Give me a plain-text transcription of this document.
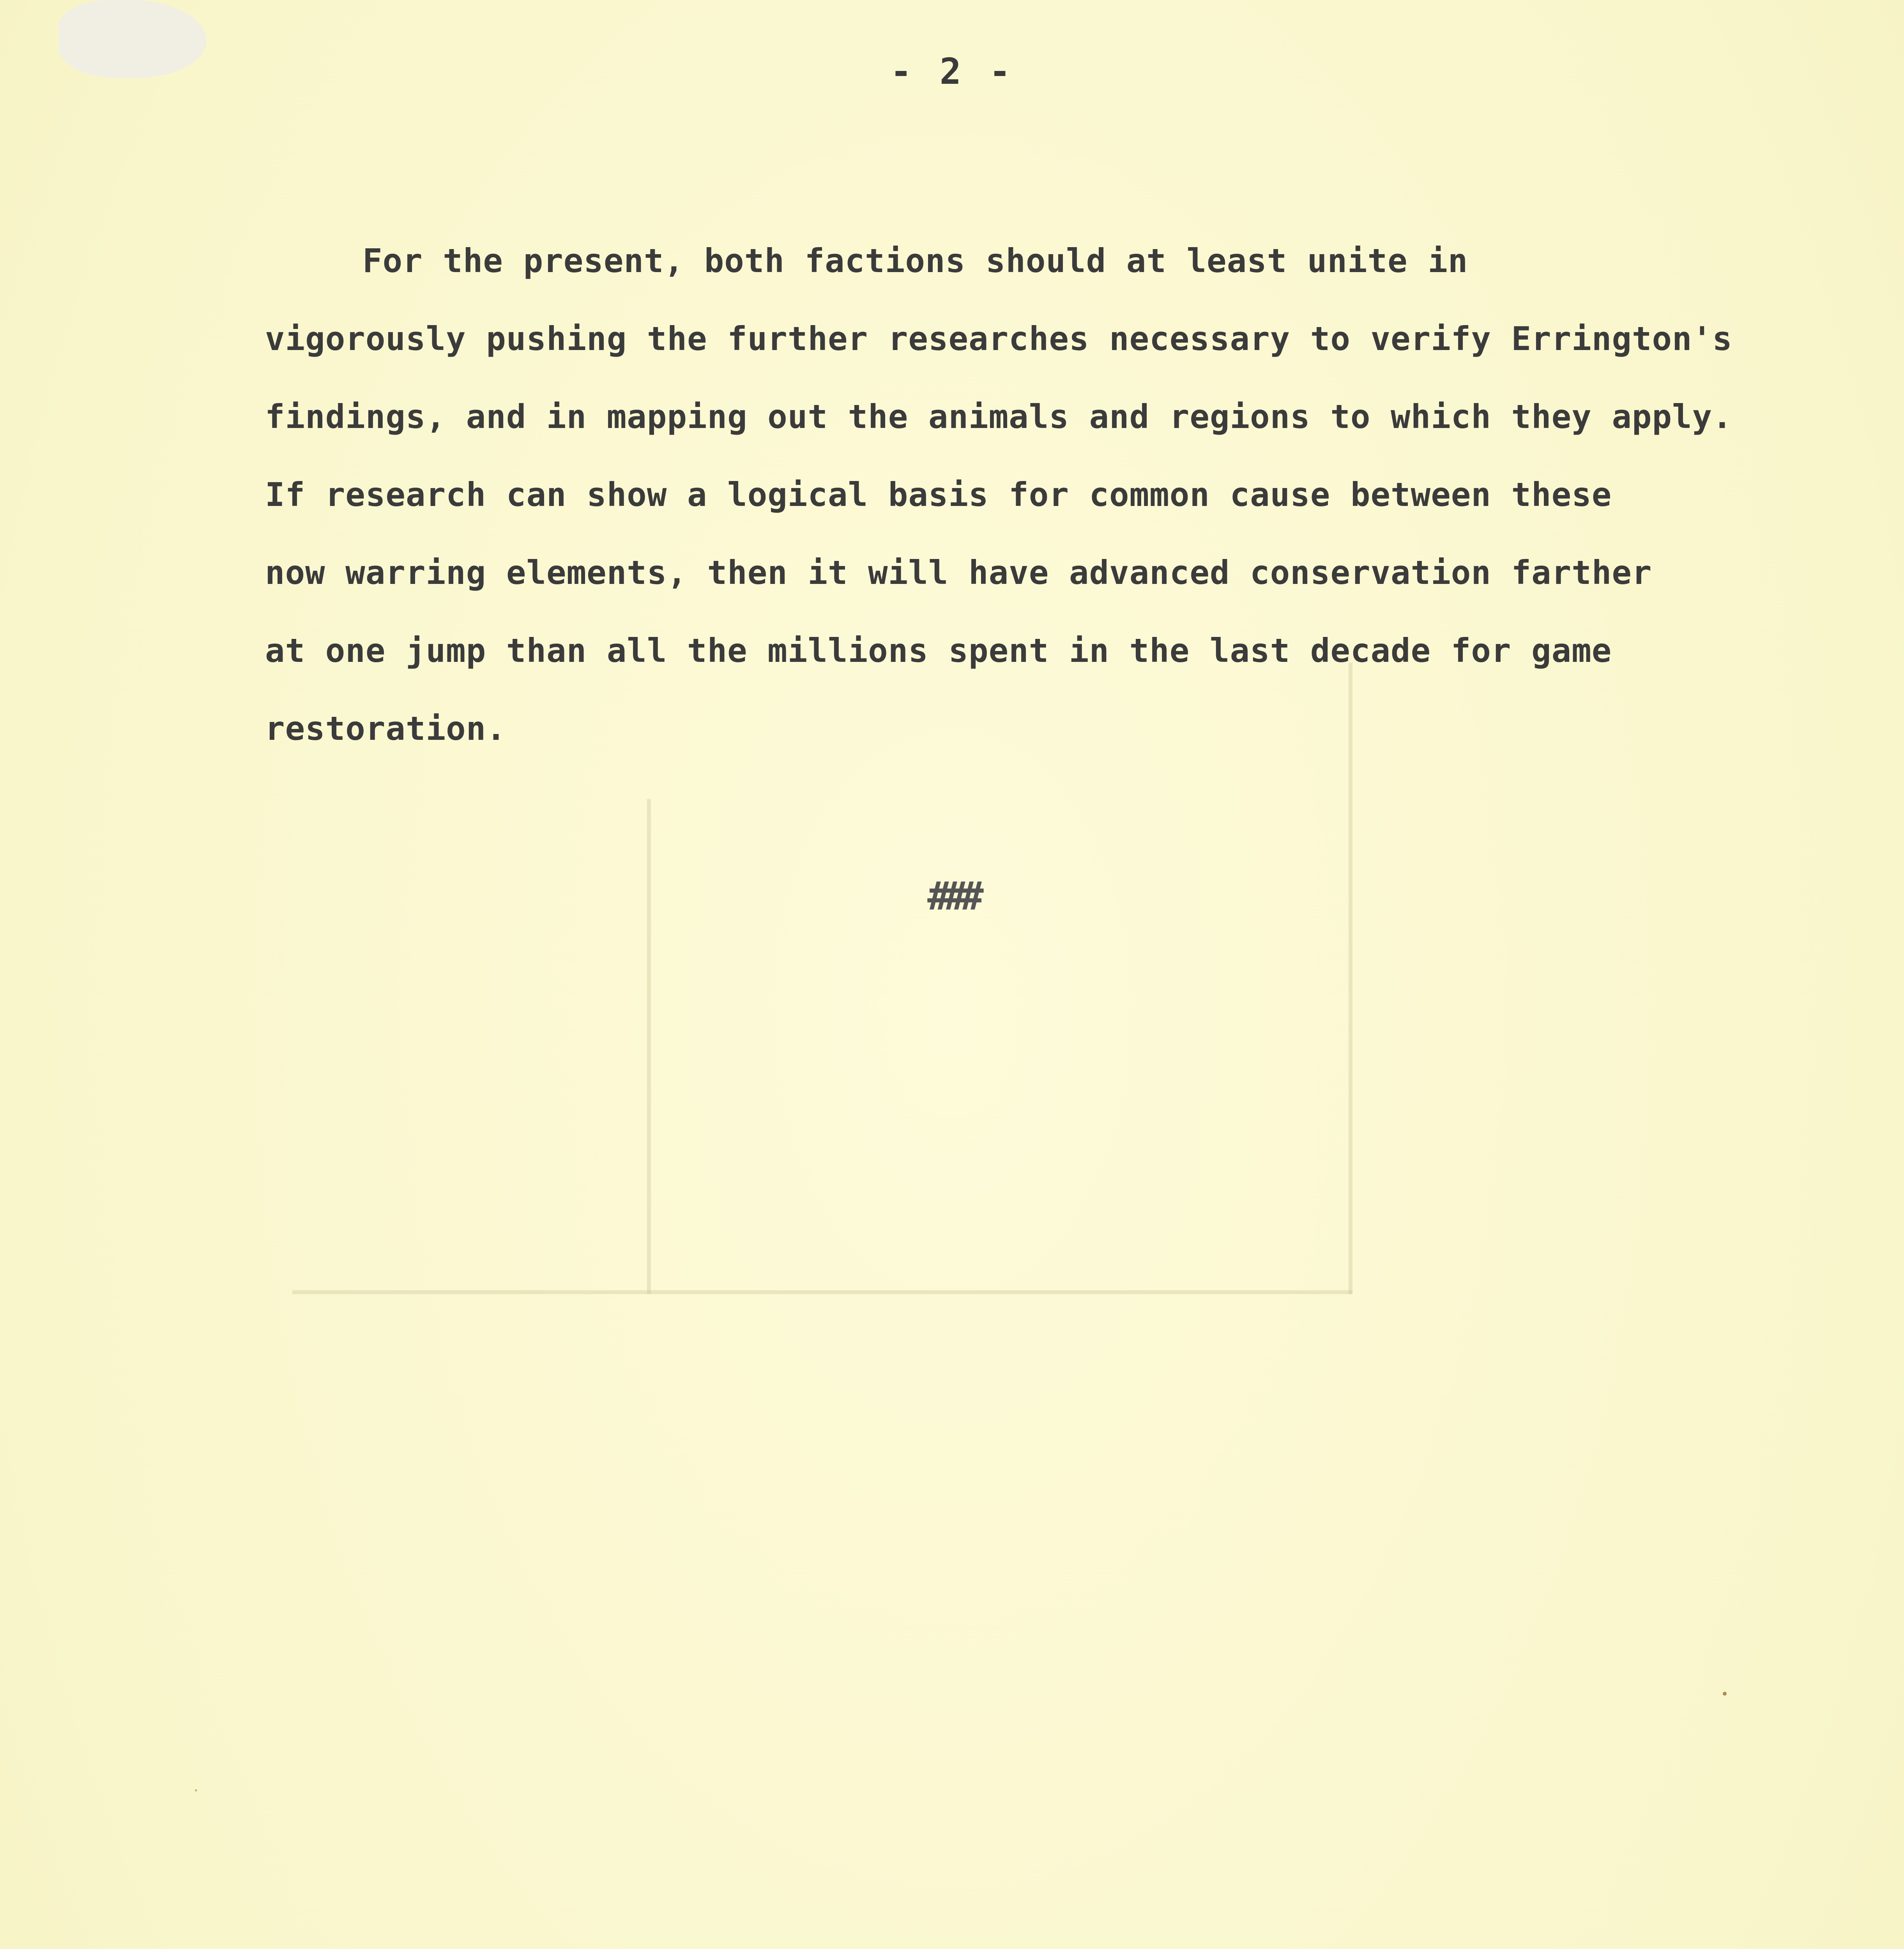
- 2 -
For the present, both factions should at least unite in
vigorously pushing the further researches necessary to verify Errington's
findings, and in mapping out the animals and regions to which they apply.
If research can show a logical basis for common cause between these
now warring elements, then it will have advanced conservation farther
at one jump than all the millions spent in the last decade for game
restoration.
###
